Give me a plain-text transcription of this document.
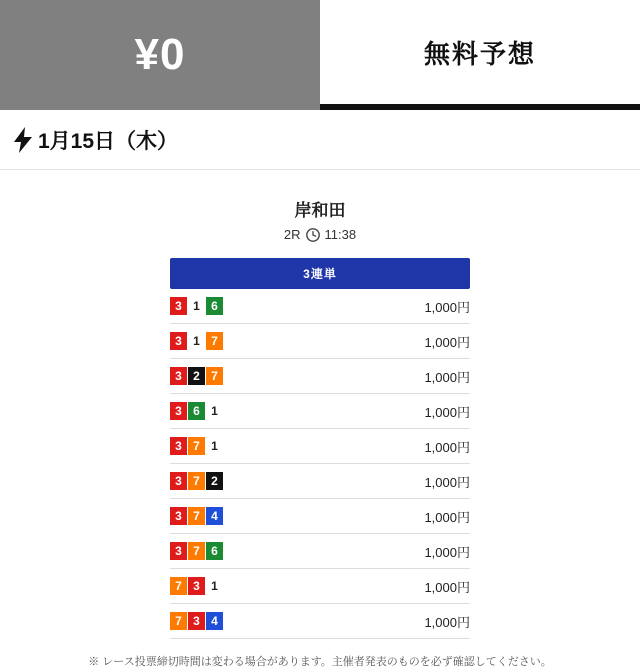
¥0	無料予想
1月15日（木）
岸和田
2R 11:38
3連単
3 1 6	1,000円
3 1 7	1,000円
3 2 7	1,000円
3 6 1	1,000円
3 7 1	1,000円
3 7 2	1,000円
3 7 4	1,000円
3 7 6	1,000円
7 3 1	1,000円
7 3 4	1,000円
※ レース投票締切時間は変わる場合があります。主催者発表のものを必ず確認してください。
